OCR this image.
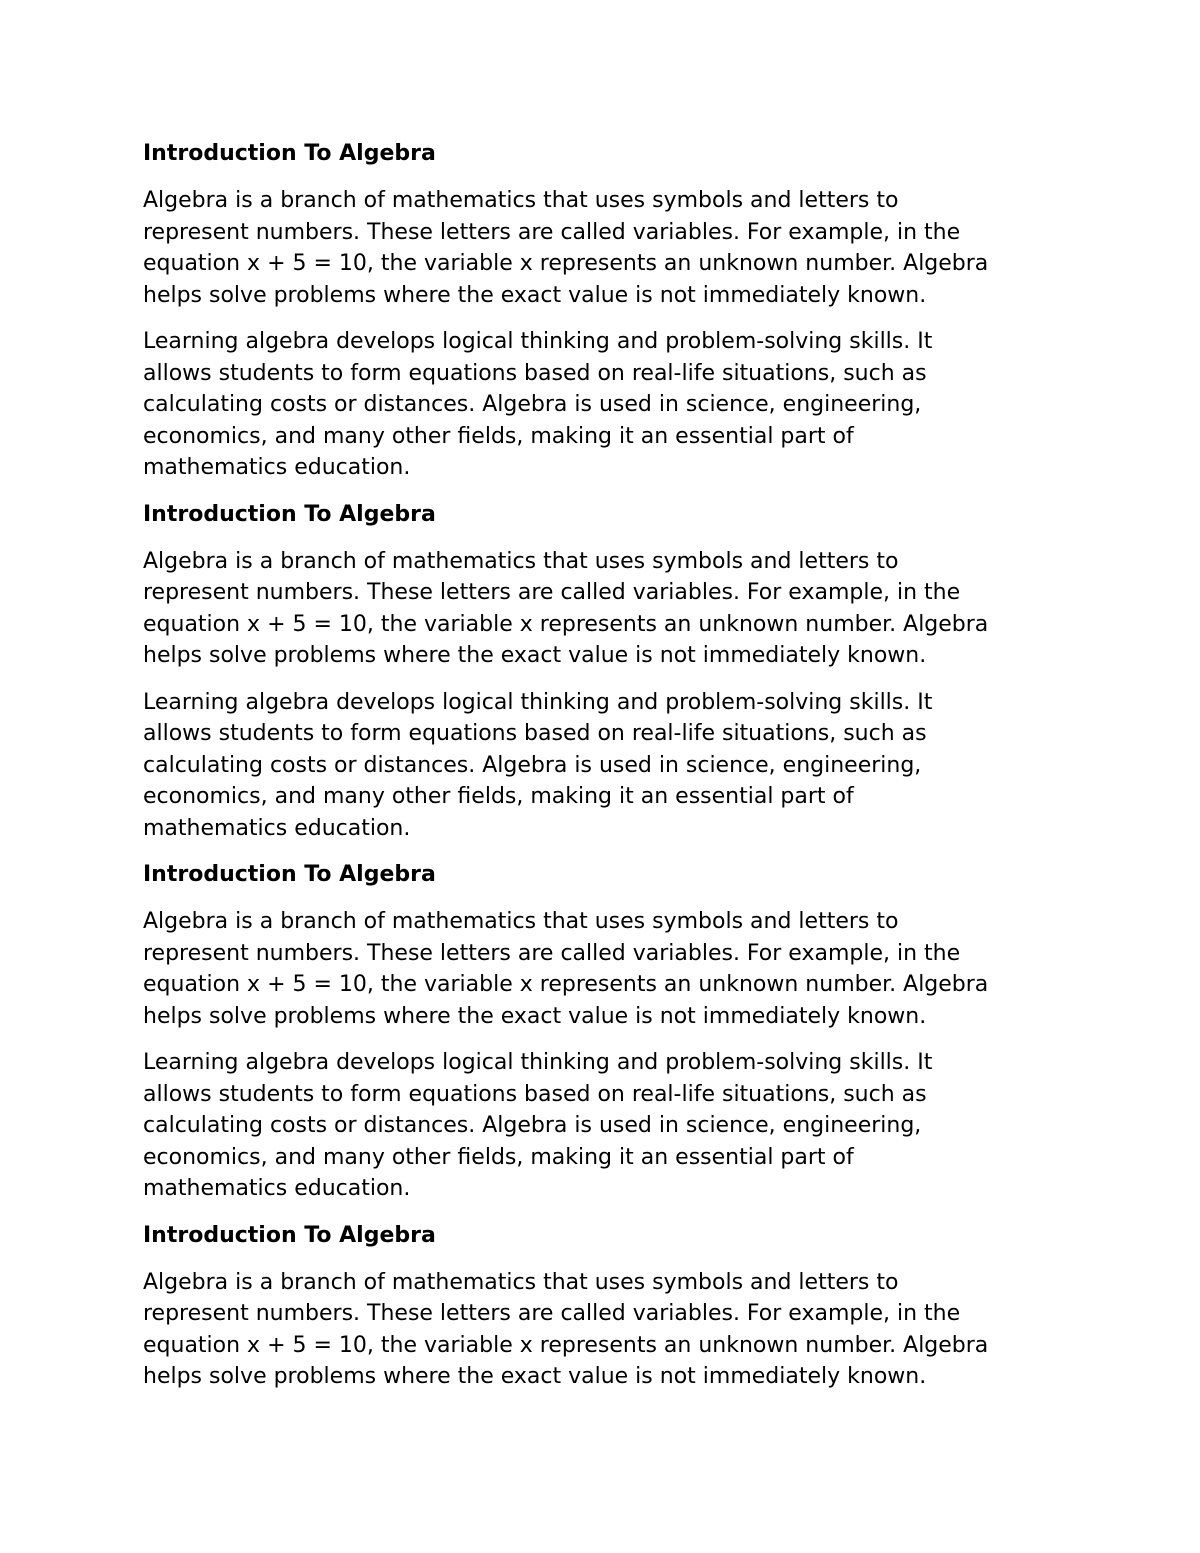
Introduction To Algebra
Algebra is a branch of mathematics that uses symbols and letters to
represent numbers. These letters are called variables. For example, in the
equation x + 5 = 10, the variable x represents an unknown number. Algebra
helps solve problems where the exact value is not immediately known.
Learning algebra develops logical thinking and problem-solving skills. It
allows students to form equations based on real-life situations, such as
calculating costs or distances. Algebra is used in science, engineering,
economics, and many other fields, making it an essential part of
mathematics education.
Introduction To Algebra
Algebra is a branch of mathematics that uses symbols and letters to
represent numbers. These letters are called variables. For example, in the
equation x + 5 = 10, the variable x represents an unknown number. Algebra
helps solve problems where the exact value is not immediately known.
Learning algebra develops logical thinking and problem-solving skills. It
allows students to form equations based on real-life situations, such as
calculating costs or distances. Algebra is used in science, engineering,
economics, and many other fields, making it an essential part of
mathematics education.
Introduction To Algebra
Algebra is a branch of mathematics that uses symbols and letters to
represent numbers. These letters are called variables. For example, in the
equation x + 5 = 10, the variable x represents an unknown number. Algebra
helps solve problems where the exact value is not immediately known.
Learning algebra develops logical thinking and problem-solving skills. It
allows students to form equations based on real-life situations, such as
calculating costs or distances. Algebra is used in science, engineering,
economics, and many other fields, making it an essential part of
mathematics education.
Introduction To Algebra
Algebra is a branch of mathematics that uses symbols and letters to
represent numbers. These letters are called variables. For example, in the
equation x + 5 = 10, the variable x represents an unknown number. Algebra
helps solve problems where the exact value is not immediately known.
